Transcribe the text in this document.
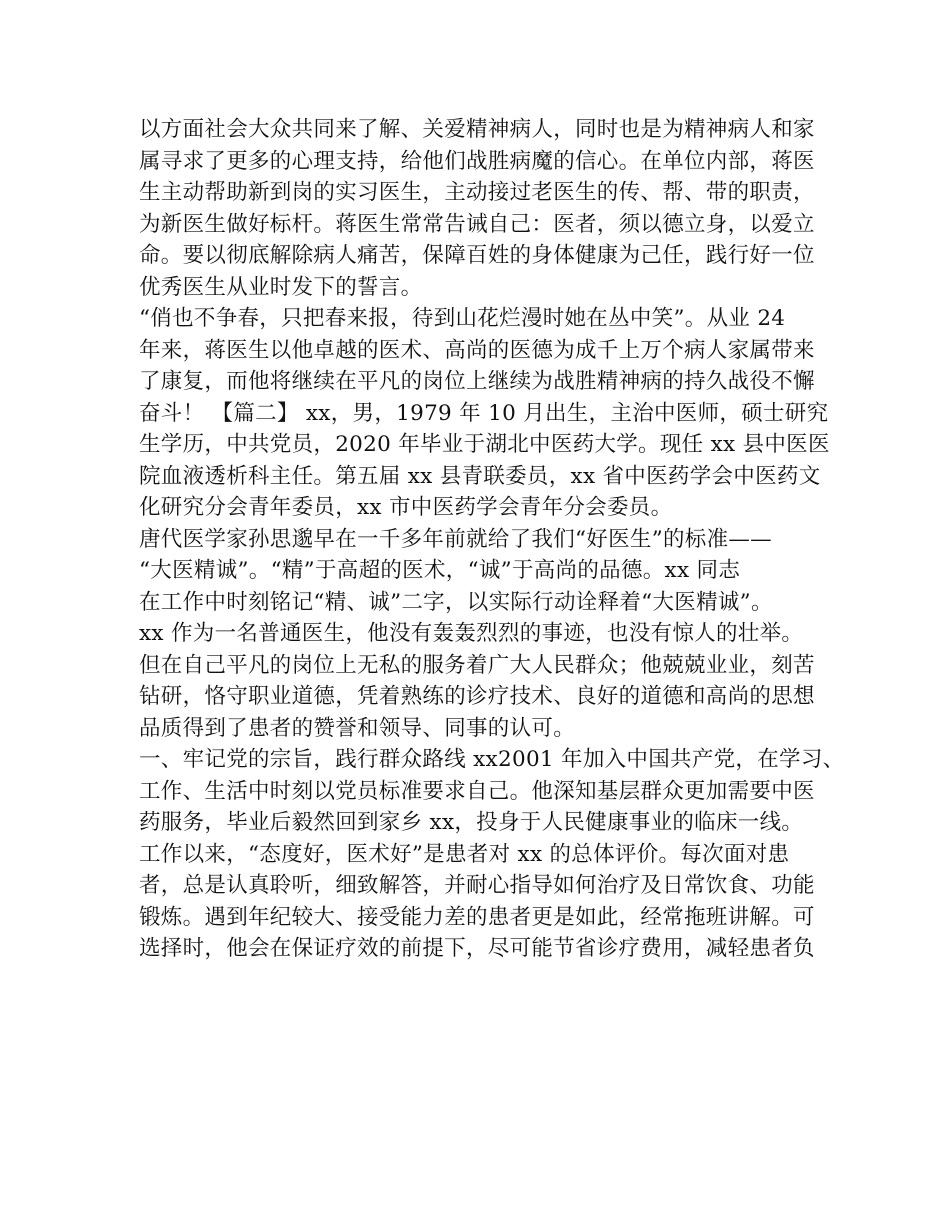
以方面社会大众共同来了解、关爱精神病人，同时也是为精神病人和家
属寻求了更多的心理支持，给他们战胜病魔的信心。在单位内部，蒋医
生主动帮助新到岗的实习医生，主动接过老医生的传、帮、带的职责，
为新医生做好标杆。蒋医生常常告诫自己：医者，须以德立身，以爱立
命。要以彻底解除病人痛苦，保障百姓的身体健康为己任，践行好一位
优秀医生从业时发下的誓言。
“俏也不争春，只把春来报，待到山花烂漫时她在丛中笑”。从业 24
年来，蒋医生以他卓越的医术、高尚的医德为成千上万个病人家属带来
了康复，而他将继续在平凡的岗位上继续为战胜精神病的持久战役不懈
奋斗！ 【篇二】 xx，男，1979 年 10 月出生，主治中医师，硕士研究
生学历，中共党员，2020 年毕业于湖北中医药大学。现任 xx 县中医医
院血液透析科主任。第五届 xx 县青联委员，xx 省中医药学会中医药文
化研究分会青年委员，xx 市中医药学会青年分会委员。
唐代医学家孙思邈早在一千多年前就给了我们“好医生”的标准——
“大医精诚”。“精”于高超的医术，“诚”于高尚的品德。xx 同志
在工作中时刻铭记“精、诚”二字，以实际行动诠释着“大医精诚”。
xx 作为一名普通医生，他没有轰轰烈烈的事迹，也没有惊人的壮举。
但在自己平凡的岗位上无私的服务着广大人民群众；他兢兢业业，刻苦
钻研，恪守职业道德，凭着熟练的诊疗技术、良好的道德和高尚的思想
品质得到了患者的赞誉和领导、同事的认可。
一、牢记党的宗旨，践行群众路线 xx2001 年加入中国共产党，在学习、
工作、生活中时刻以党员标准要求自己。他深知基层群众更加需要中医
药服务，毕业后毅然回到家乡 xx，投身于人民健康事业的临床一线。
工作以来，“态度好，医术好”是患者对 xx 的总体评价。每次面对患
者，总是认真聆听，细致解答，并耐心指导如何治疗及日常饮食、功能
锻炼。遇到年纪较大、接受能力差的患者更是如此，经常拖班讲解。可
选择时，他会在保证疗效的前提下，尽可能节省诊疗费用，减轻患者负
